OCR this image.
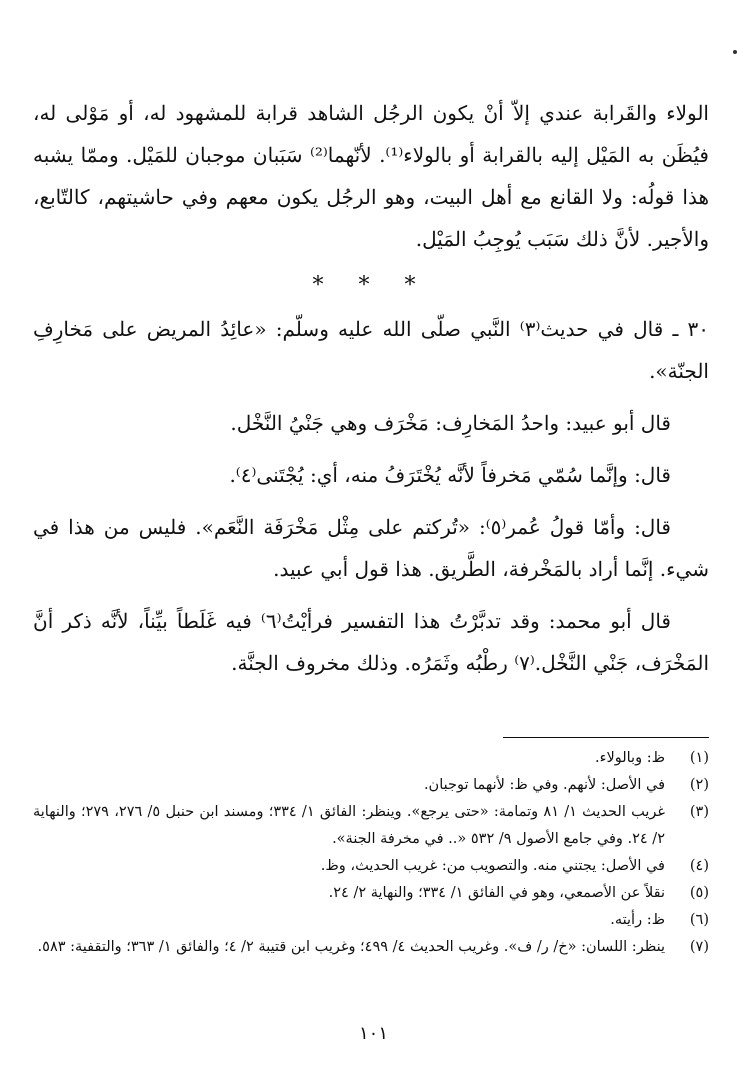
الولاء والقَرابة عندي إلاّ أنْ يكون الرجُل الشاهد قرابة للمشهود له، أو مَوْلى له، فيُظَن به المَيْل إليه بالقرابة أو بالولاء⁽¹⁾. لأنّهما⁽²⁾ سَبَبان موجبان للمَيْل. وممّا يشبه هذا قولُه: ولا القانع مع أهل البيت، وهو الرجُل يكون معهم وفي حاشيتهم، كالتّابع، والأجير. لأنَّ ذلك سَبَب يُوجِبُ المَيْل.

* * *

٣٠ ـ قال في حديث⁽٣⁾ النَّبي صلّى الله عليه وسلّم: «عائِدُ المريض على مَخارِفِ الجنّة».

قال أبو عبيد: واحدُ المَخارِف: مَخْرَف وهي جَنْيُ النَّخْل.

قال: وإنَّما سُمّي مَخرفاً لأنَّه يُخْتَرَفُ منه، أي: يُجْتَنى⁽٤⁾.

قال: وأمّا قولُ عُمر⁽٥⁾: «تُركتم على مِثْل مَخْرَفَة النَّعَم». فليس من هذا في شيء. إنَّما أراد بالمَخْرفة، الطَّريق. هذا قول أبي عبيد.

قال أبو محمد: وقد تدبَّرْتُ هذا التفسير فرأيْتُ⁽٦⁾ فيه غَلَطاً بيِّناً، لأنَّه ذكر أنَّ المَخْرَف، جَنْي النَّخْل.⁽٧⁾ رطْبُه وثَمَرُه. وذلك مخروف الجنَّة.

(١)
ظ: وبالولاء.
(٢)
في الأصل: لأنهم. وفي ظ: لأنهما توجبان.
(٣)
غريب الحديث ١/ ٨١ وتمامة: «حتى يرجع». وينظر: الفائق ١/ ٣٣٤؛ ومسند ابن حنبل ٥/ ٢٧٦، ٢٧٩؛ والنهاية ٢/ ٢٤. وفي جامع الأصول ٩/ ٥٣٢ «.. في مخرفة الجنة».
(٤)
في الأصل: يجتني منه. والتصويب من: غريب الحديث، وظ.
(٥)
نقلاً عن الأصمعي، وهو في الفائق ١/ ٣٣٤؛ والنهاية ٢/ ٢٤.
(٦)
ظ: رأيته.
(٧)
ينظر: اللسان: «خ/ ر/ ف». وغريب الحديث ٤/ ٤٩٩؛ وغريب ابن قتيبة ٢/ ٤؛ والفائق ١/ ٣٦٣؛ والتقفية: ٥٨٣.
١٠١
